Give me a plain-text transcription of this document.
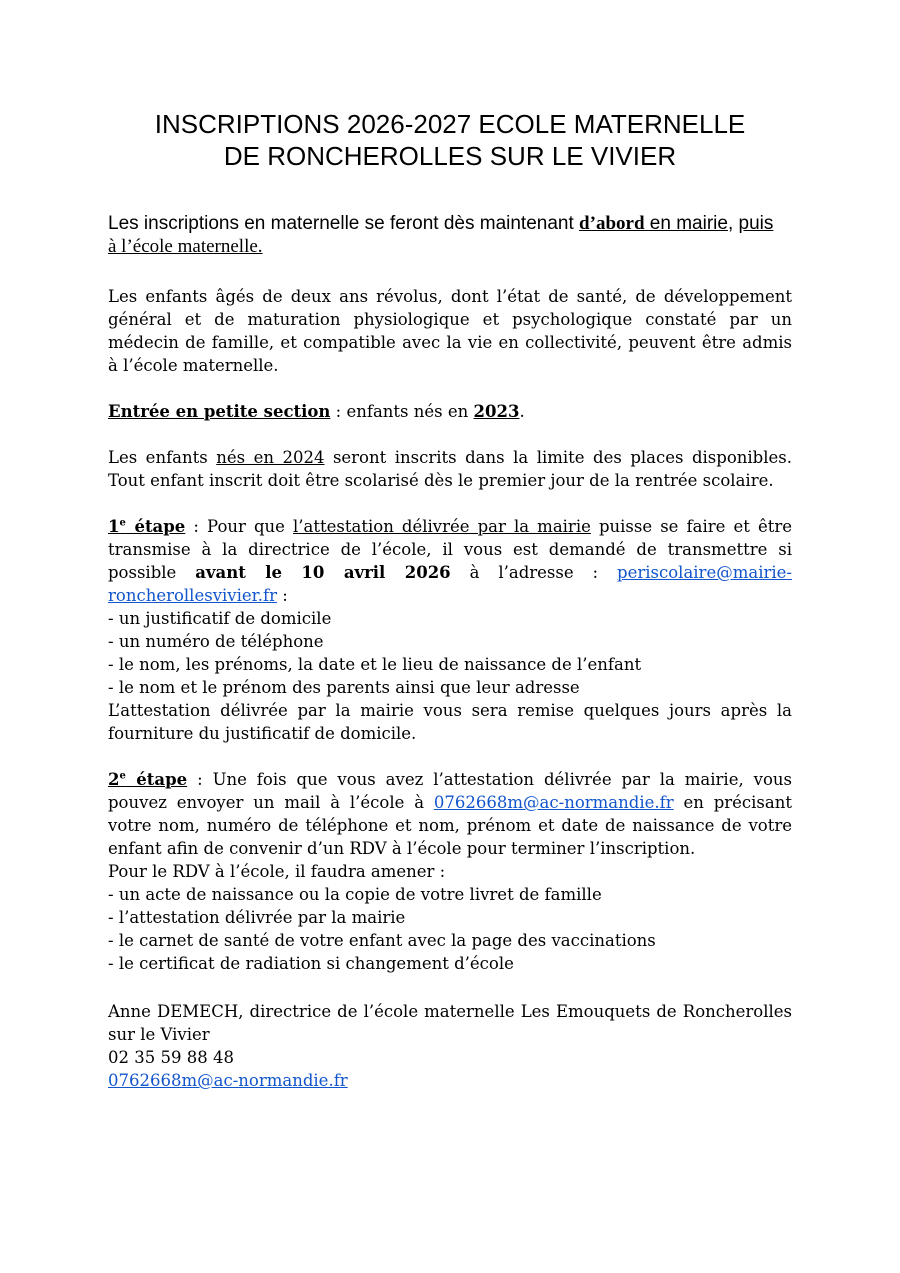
INSCRIPTIONS 2026-2027 ECOLE MATERNELLE
DE RONCHEROLLES SUR LE VIVIER
Les inscriptions en maternelle se feront dès maintenant d’abord en mairie, puis
à l’école maternelle.

Les enfants âgés de deux ans révolus, dont l’état de santé, de développement général et de maturation physiologique et psychologique constaté par un médecin de famille, et compatible avec la vie en collectivité, peuvent être admis à l’école maternelle.

Entrée en petite section : enfants nés en 2023.

Les enfants nés en 2024 seront inscrits dans la limite des places disponibles. Tout enfant inscrit doit être scolarisé dès le premier jour de la rentrée scolaire.

1e étape : Pour que l’attestation délivrée par la mairie puisse se faire et être transmise à la directrice de l’école, il vous est demandé de transmettre si possible avant le 10 avril 2026 à l’adresse : periscolaire@mairie-roncherollesvivier.fr :

- un justificatif de domicile

- un numéro de téléphone

- le nom, les prénoms, la date et le lieu de naissance de l’enfant

- le nom et le prénom des parents ainsi que leur adresse

L’attestation délivrée par la mairie vous sera remise quelques jours après la fourniture du justificatif de domicile.

2e étape : Une fois que vous avez l’attestation délivrée par la mairie, vous pouvez envoyer un mail à l’école à 0762668m@ac-normandie.fr en précisant votre nom, numéro de téléphone et nom, prénom et date de naissance de votre enfant afin de convenir d’un RDV à l’école pour terminer l’inscription.

Pour le RDV à l’école, il faudra amener :

- un acte de naissance ou la copie de votre livret de famille

- l’attestation délivrée par la mairie

- le carnet de santé de votre enfant avec la page des vaccinations

- le certificat de radiation si changement d’école

Anne DEMECH, directrice de l’école maternelle Les Emouquets de Roncherolles sur le Vivier

02 35 59 88 48

0762668m@ac-normandie.fr
